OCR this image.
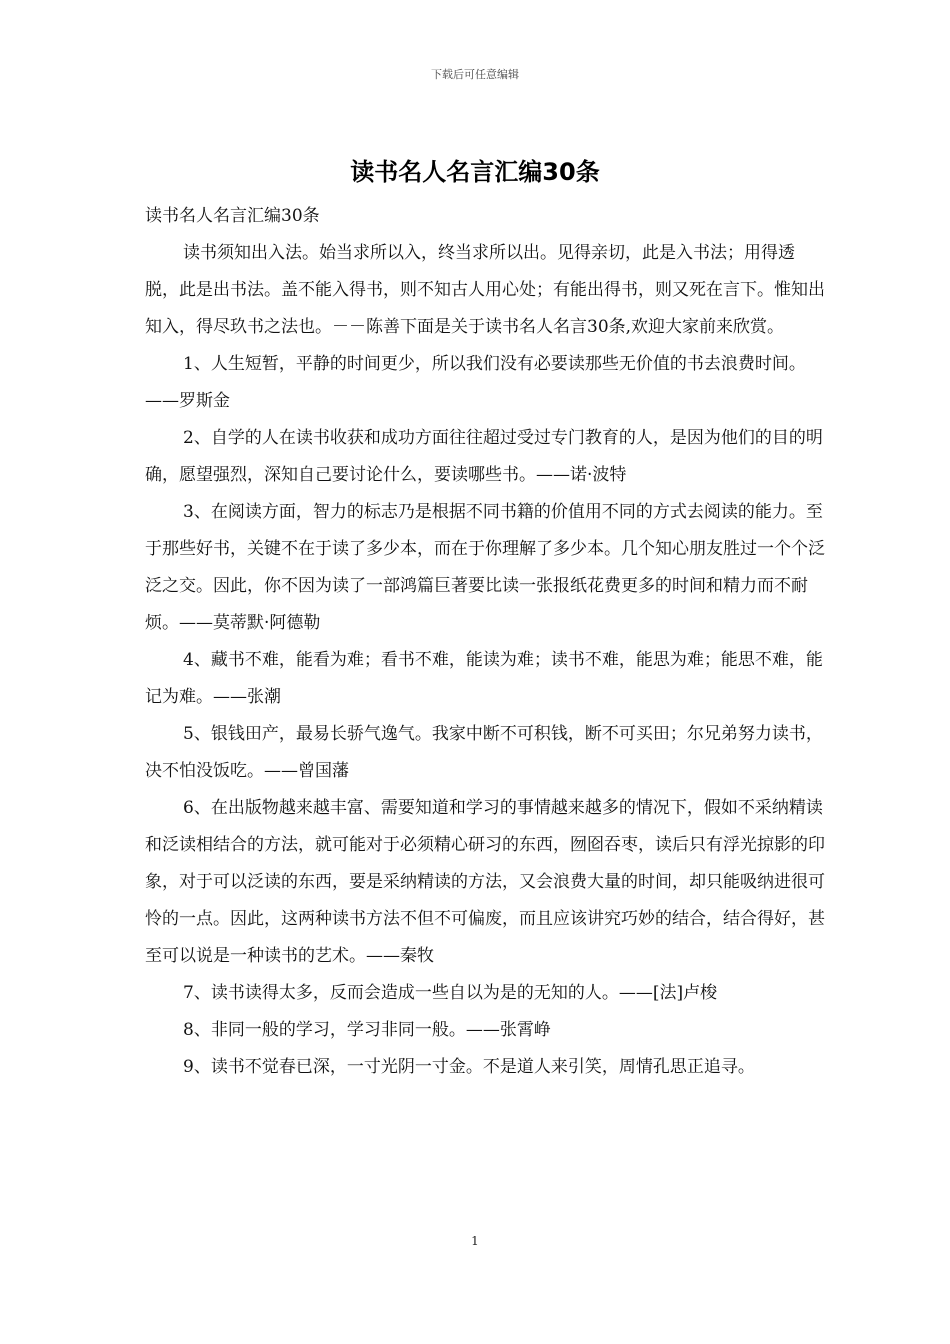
下载后可任意编辑
读书名人名言汇编30条

读书名人名言汇编30条

读书须知出入法。始当求所以入，终当求所以出。见得亲切，此是入书法；用得透脱，此是出书法。盖不能入得书，则不知古人用心处；有能出得书，则又死在言下。惟知出知入，得尽玖书之法也。－－陈善下面是关于读书名人名言30条,欢迎大家前来欣赏。

1、人生短暂，平静的时间更少，所以我们没有必要读那些无价值的书去浪费时间。——罗斯金

2、自学的人在读书收获和成功方面往往超过受过专门教育的人，是因为他们的目的明确，愿望强烈，深知自己要讨论什么，要读哪些书。——诺·波特

3、在阅读方面，智力的标志乃是根据不同书籍的价值用不同的方式去阅读的能力。至于那些好书，关键不在于读了多少本，而在于你理解了多少本。几个知心朋友胜过一个个泛泛之交。因此，你不因为读了一部鸿篇巨著要比读一张报纸花费更多的时间和精力而不耐烦。——莫蒂默·阿德勒

4、藏书不难，能看为难；看书不难，能读为难；读书不难，能思为难；能思不难，能记为难。——张潮

5、银钱田产，最易长骄气逸气。我家中断不可积钱，断不可买田；尔兄弟努力读书，决不怕没饭吃。——曾国藩

6、在出版物越来越丰富、需要知道和学习的事情越来越多的情况下，假如不采纳精读和泛读相结合的方法，就可能对于必须精心研习的东西，囫囵吞枣，读后只有浮光掠影的印象，对于可以泛读的东西，要是采纳精读的方法，又会浪费大量的时间，却只能吸纳进很可怜的一点。因此，这两种读书方法不但不可偏废，而且应该讲究巧妙的结合，结合得好，甚至可以说是一种读书的艺术。——秦牧

7、读书读得太多，反而会造成一些自以为是的无知的人。——[法]卢梭

8、非同一般的学习，学习非同一般。——张霄峥

9、读书不觉春已深，一寸光阴一寸金。不是道人来引笑，周情孔思正追寻。

1
